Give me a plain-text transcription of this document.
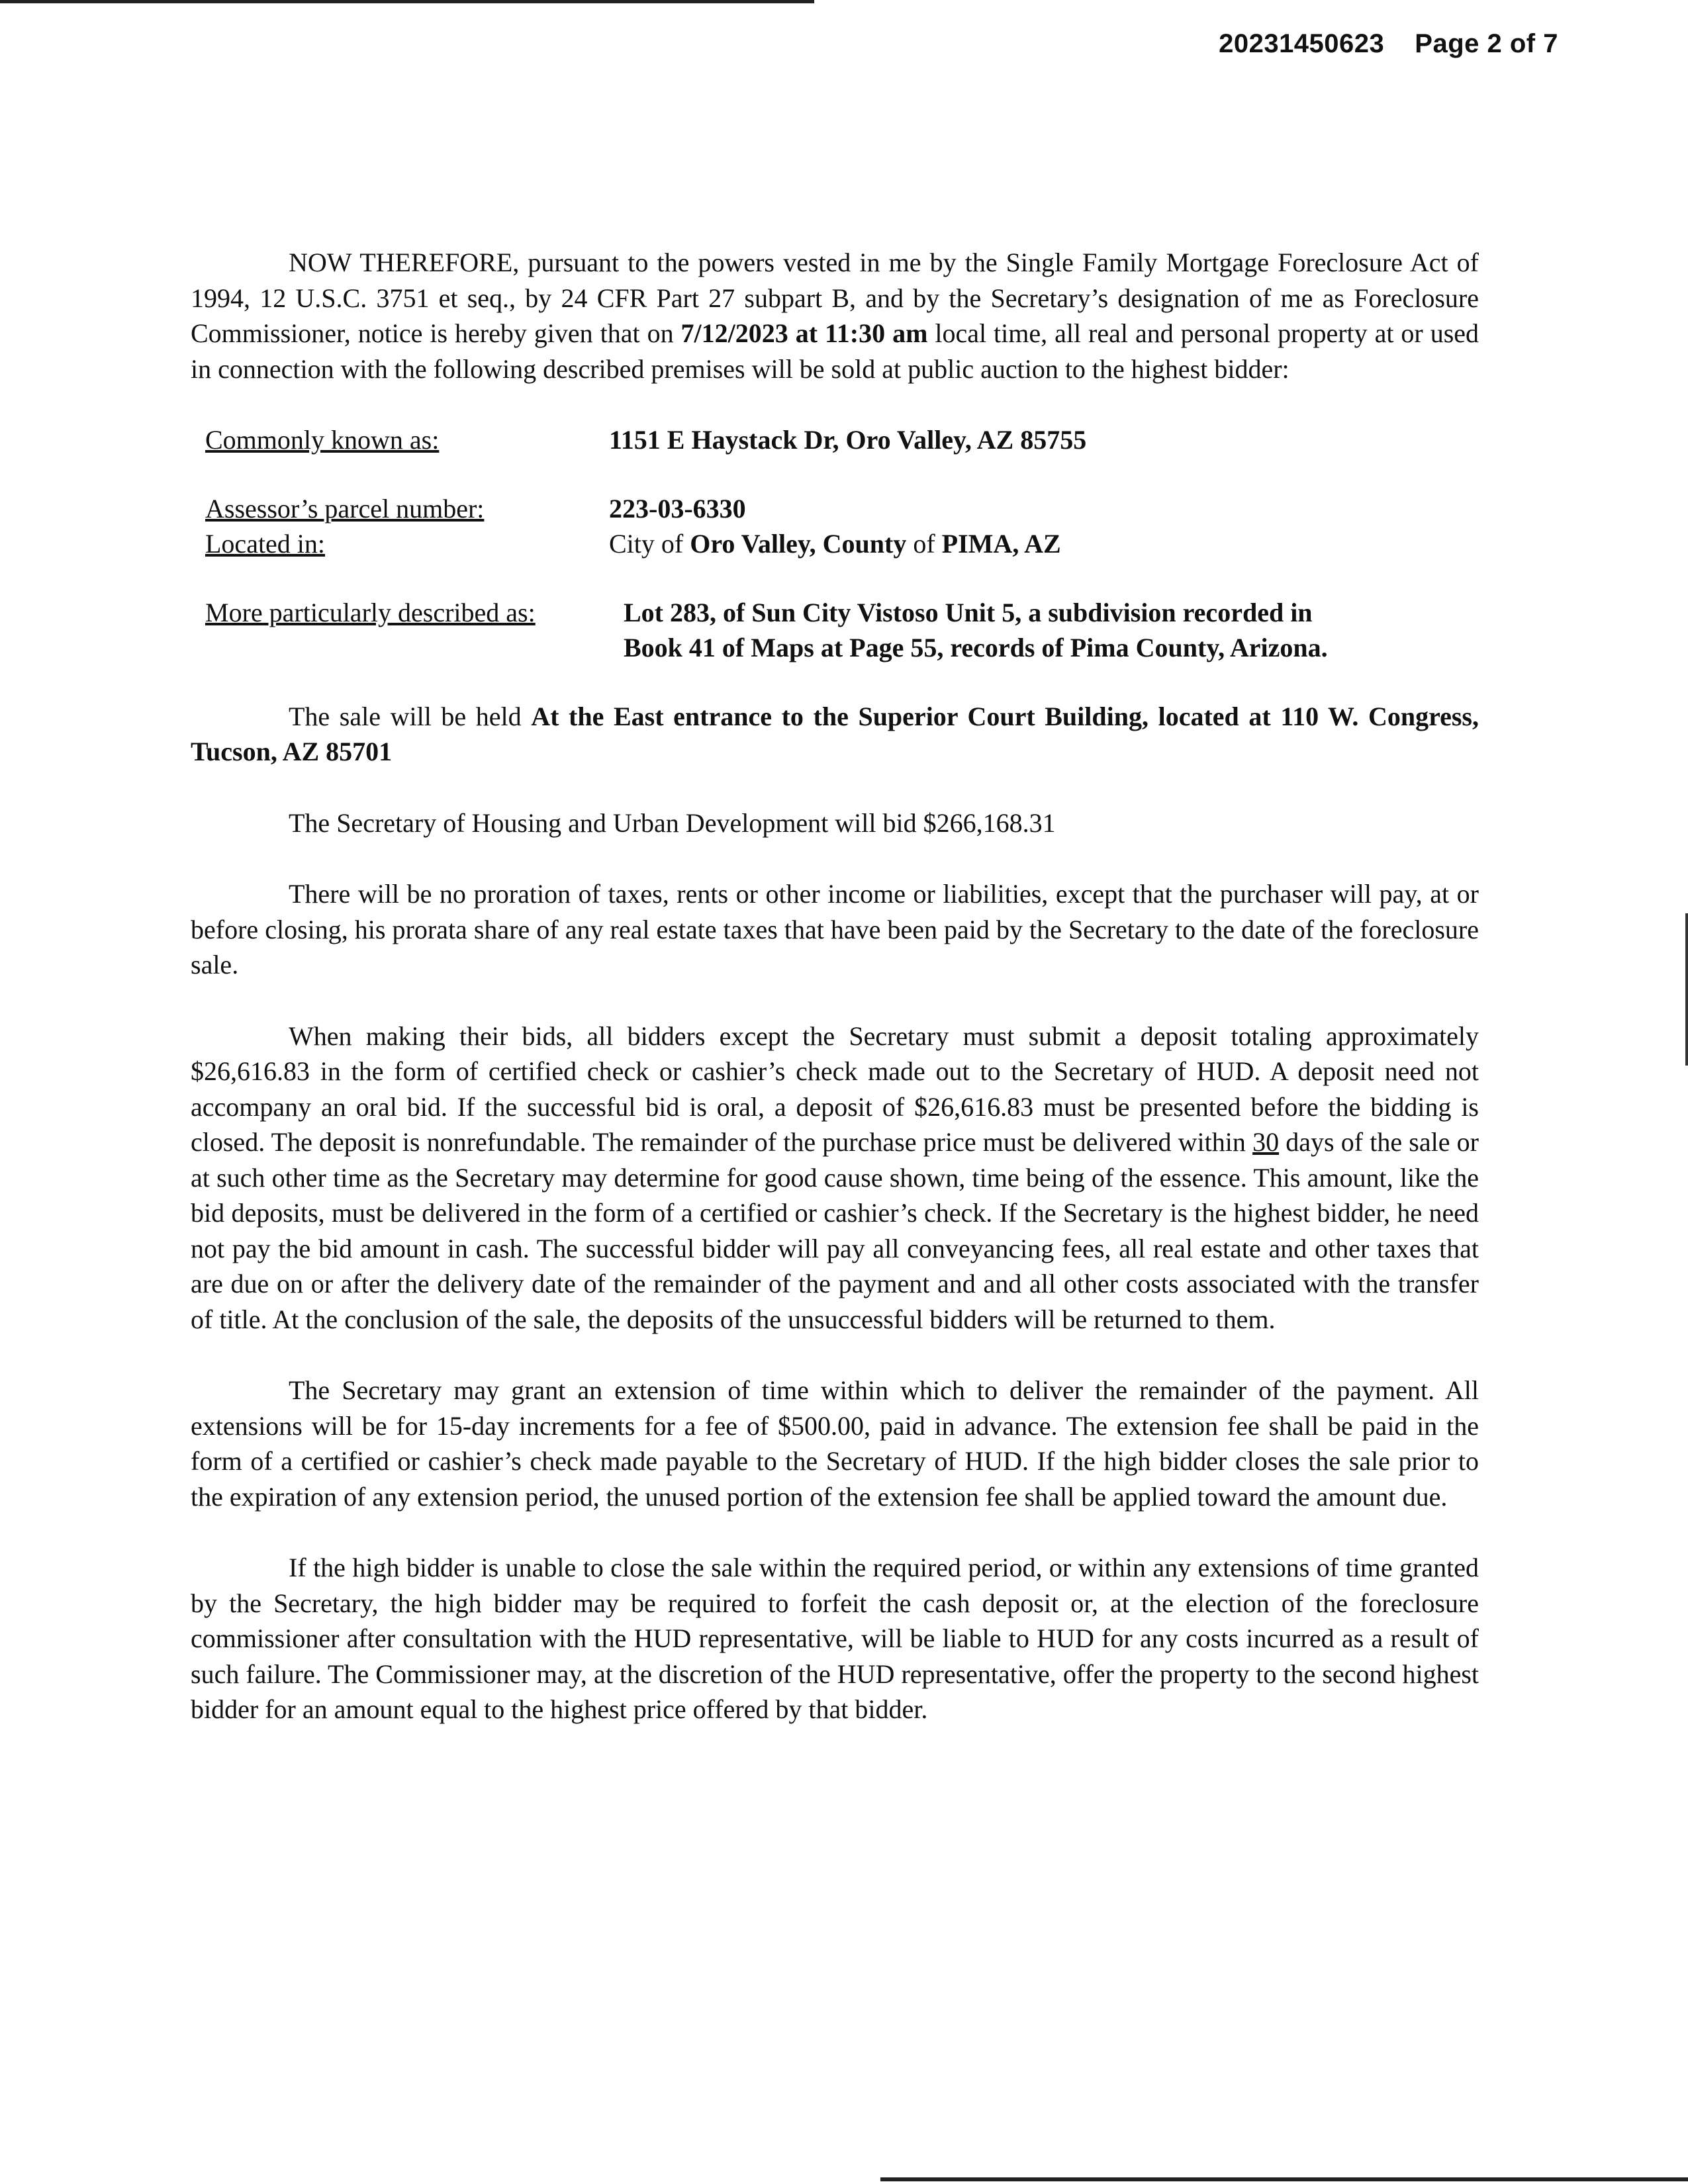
20231450623 Page 2 of 7

NOW THEREFORE, pursuant to the powers vested in me by the Single Family Mortgage Foreclosure Act of 1994, 12 U.S.C. 3751 et seq., by 24 CFR Part 27 subpart B, and by the Secretary’s designation of me as Foreclosure Commissioner, notice is hereby given that on 7/12/2023 at 11:30 am local time, all real and personal property at or used in connection with the following described premises will be sold at public auction to the highest bidder:

Commonly known as:	1151 E Haystack Dr, Oro Valley, AZ 85755
Assessor’s parcel number:	223-03-6330
Located in:	City of Oro Valley, County of PIMA, AZ
More particularly described as:	Lot 283, of Sun City Vistoso Unit 5, a subdivision recorded in
Book 41 of Maps at Page 55, records of Pima County, Arizona.

The sale will be held At the East entrance to the Superior Court Building, located at 110 W. Congress, Tucson, AZ 85701

The Secretary of Housing and Urban Development will bid $266,168.31

There will be no proration of taxes, rents or other income or liabilities, except that the purchaser will pay, at or before closing, his prorata share of any real estate taxes that have been paid by the Secretary to the date of the foreclosure sale.

When making their bids, all bidders except the Secretary must submit a deposit totaling approximately $26,616.83 in the form of certified check or cashier’s check made out to the Secretary of HUD. A deposit need not accompany an oral bid. If the successful bid is oral, a deposit of $26,616.83 must be presented before the bidding is closed. The deposit is nonrefundable. The remainder of the purchase price must be delivered within 30 days of the sale or at such other time as the Secretary may determine for good cause shown, time being of the essence. This amount, like the bid deposits, must be delivered in the form of a certified or cashier’s check. If the Secretary is the highest bidder, he need not pay the bid amount in cash. The successful bidder will pay all conveyancing fees, all real estate and other taxes that are due on or after the delivery date of the remainder of the payment and and all other costs associated with the transfer of title. At the conclusion of the sale, the deposits of the unsuccessful bidders will be returned to them.

The Secretary may grant an extension of time within which to deliver the remainder of the payment. All extensions will be for 15-day increments for a fee of $500.00, paid in advance. The extension fee shall be paid in the form of a certified or cashier’s check made payable to the Secretary of HUD. If the high bidder closes the sale prior to the expiration of any extension period, the unused portion of the extension fee shall be applied toward the amount due.

If the high bidder is unable to close the sale within the required period, or within any extensions of time granted by the Secretary, the high bidder may be required to forfeit the cash deposit or, at the election of the foreclosure commissioner after consultation with the HUD representative, will be liable to HUD for any costs incurred as a result of such failure. The Commissioner may, at the discretion of the HUD representative, offer the property to the second highest bidder for an amount equal to the highest price offered by that bidder.
